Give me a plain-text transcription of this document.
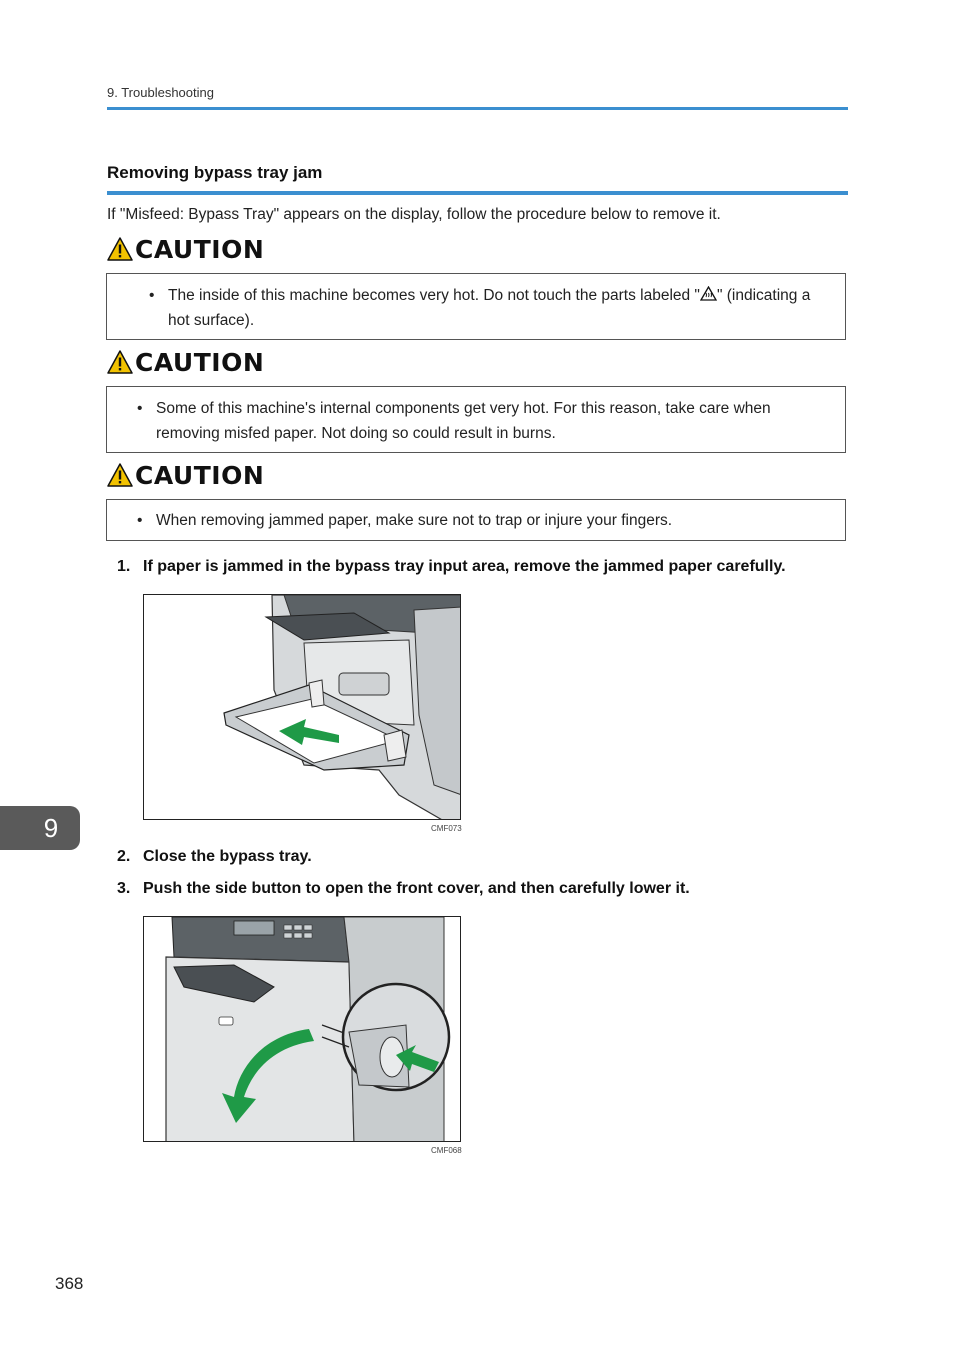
9. Troubleshooting
Removing bypass tray jam
If "Misfeed: Bypass Tray" appears on the display, follow the procedure below to remove it.
CAUTION
• The inside of this machine becomes very hot. Do not touch the parts labeled " " (indicating a
hot surface).
CAUTION
• Some of this machine's internal components get very hot. For this reason, take care when
removing misfed paper. Not doing so could result in burns.
CAUTION
• When removing jammed paper, make sure not to trap or injure your fingers.
1. If paper is jammed in the bypass tray input area, remove the jammed paper carefully.
CMF073
2. Close the bypass tray.
3. Push the side button to open the front cover, and then carefully lower it.
CMF068
9
368
